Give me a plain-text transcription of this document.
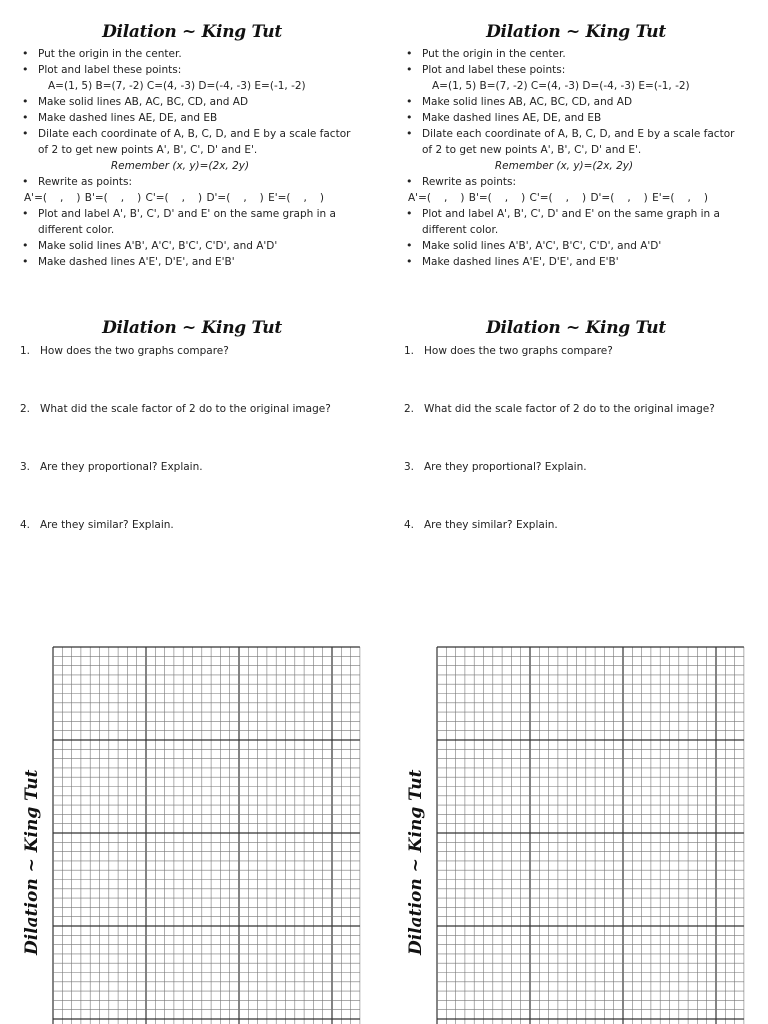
Dilation ~ King Tut
• Put the origin in the center.
• Plot and label these points:
A=(1, 5) B=(7, -2) C=(4, -3) D=(-4, -3) E=(-1, -2)
• Make solid lines AB, AC, BC, CD, and AD
• Make dashed lines AE, DE, and EB
• Dilate each coordinate of A, B, C, D, and E by a scale factor of 2 to get new points A', B', C', D' and E'.
Remember (x, y)=(2x, 2y)
• Rewrite as points:
A'=(   ,   ) B'=(   ,   ) C'=(   ,   ) D'=(   ,   ) E'=(   ,   )
• Plot and label A', B', C', D' and E' on the same graph in a different color.
• Make solid lines A'B', A'C', B'C', C'D', and A'D'
• Make dashed lines A'E', D'E', and E'B'
Dilation ~ King Tut
1. How does the two graphs compare?
2. What did the scale factor of 2 do to the original image?
3. Are they proportional? Explain.
4. Are they similar? Explain.
Dilation ~ King Tut
Dilation ~ King Tut
• Put the origin in the center.
• Plot and label these points:
A=(1, 5) B=(7, -2) C=(4, -3) D=(-4, -3) E=(-1, -2)
• Make solid lines AB, AC, BC, CD, and AD
• Make dashed lines AE, DE, and EB
• Dilate each coordinate of A, B, C, D, and E by a scale factor of 2 to get new points A', B', C', D' and E'.
Remember (x, y)=(2x, 2y)
• Rewrite as points:
A'=(   ,   ) B'=(   ,   ) C'=(   ,   ) D'=(   ,   ) E'=(   ,   )
• Plot and label A', B', C', D' and E' on the same graph in a different color.
• Make solid lines A'B', A'C', B'C', C'D', and A'D'
• Make dashed lines A'E', D'E', and E'B'
Dilation ~ King Tut
1. How does the two graphs compare?
2. What did the scale factor of 2 do to the original image?
3. Are they proportional? Explain.
4. Are they similar? Explain.
Dilation ~ King Tut
